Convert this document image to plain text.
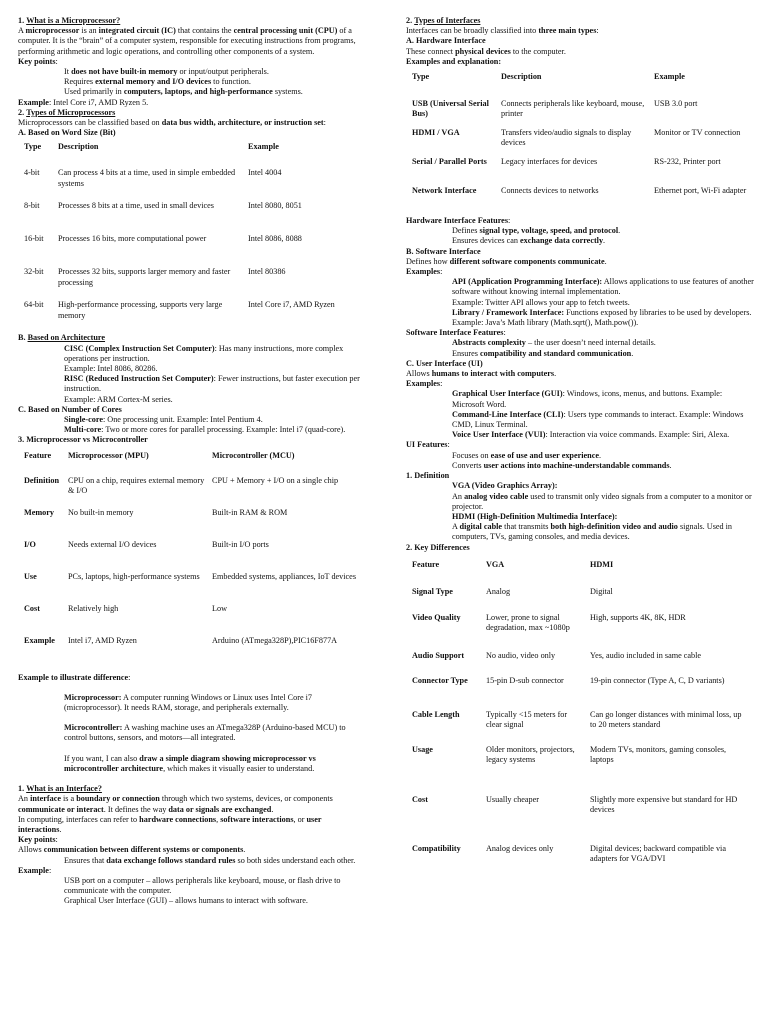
1. What is a Microprocessor?

A microprocessor is an integrated circuit (IC) that contains the central processing unit (CPU) of a computer. It is the “brain” of a computer system, responsible for executing instructions from programs, performing arithmetic and logic operations, and controlling other components of a system.

Key points:

It does not have built-in memory or input/output peripherals.

Requires external memory and I/O devices to function.

Used primarily in computers, laptops, and high-performance systems.

Example: Intel Core i7, AMD Ryzen 5.

2. Types of Microprocessors

Microprocessors can be classified based on data bus width, architecture, or instruction set:

A. Based on Word Size (Bit)

Type	Description	Example
4-bit	Can process 4 bits at a time, used in simple embedded systems	Intel 4004
8-bit	Processes 8 bits at a time, used in small devices	Intel 8080, 8051
16-bit	Processes 16 bits, more computational power	Intel 8086, 8088
32-bit	Processes 32 bits, supports larger memory and faster processing	Intel 80386
64-bit	High-performance processing, supports very large memory	Intel Core i7, AMD Ryzen

B. Based on Architecture

CISC (Complex Instruction Set Computer): Has many instructions, more complex operations per instruction.

Example: Intel 8086, 80286.

RISC (Reduced Instruction Set Computer): Fewer instructions, but faster execution per instruction.

Example: ARM Cortex-M series.

C. Based on Number of Cores

Single-core: One processing unit. Example: Intel Pentium 4.

Multi-core: Two or more cores for parallel processing. Example: Intel i7 (quad-core).

3. Microprocessor vs Microcontroller

Feature	Microprocessor (MPU)	Microcontroller (MCU)
Definition	CPU on a chip, requires external memory & I/O	CPU + Memory + I/O on a single chip
Memory	No built-in memory	Built-in RAM & ROM
I/O	Needs external I/O devices	Built-in I/O ports
Use	PCs, laptops, high-performance systems	Embedded systems, appliances, IoT devices
Cost	Relatively high	Low
Example	Intel i7, AMD Ryzen	Arduino (ATmega328P),PIC16F877A

Example to illustrate difference:

Microprocessor: A computer running Windows or Linux uses Intel Core i7 (microprocessor). It needs RAM, storage, and peripherals externally.

Microcontroller: A washing machine uses an ATmega328P (Arduino-based MCU) to control buttons, sensors, and motors—all integrated.

If you want, I can also draw a simple diagram showing microprocessor vs microcontroller architecture, which makes it visually easier to understand.

1. What is an Interface?

An interface is a boundary or connection through which two systems, devices, or components communicate or interact. It defines the way data or signals are exchanged.

In computing, interfaces can refer to hardware connections, software interactions, or user interactions.

Key points:

Allows communication between different systems or components.

Ensures that data exchange follows standard rules so both sides understand each other.

Example:

USB port on a computer – allows peripherals like keyboard, mouse, or flash drive to communicate with the computer.

Graphical User Interface (GUI) – allows humans to interact with software.

2. Types of Interfaces

Interfaces can be broadly classified into three main types:

A. Hardware Interface

These connect physical devices to the computer.

Examples and explanation:

Type	Description	Example
USB (Universal Serial Bus)	Connects peripherals like keyboard, mouse, printer	USB 3.0 port
HDMI / VGA	Transfers video/audio signals to display devices	Monitor or TV connection
Serial / Parallel Ports	Legacy interfaces for devices	RS-232, Printer port
Network Interface	Connects devices to networks	Ethernet port, Wi-Fi adapter

Hardware Interface Features:

Defines signal type, voltage, speed, and protocol.

Ensures devices can exchange data correctly.

B. Software Interface

Defines how different software components communicate.

Examples:

API (Application Programming Interface): Allows applications to use features of another software without knowing internal implementation.

Example: Twitter API allows your app to fetch tweets.

Library / Framework Interface: Functions exposed by libraries to be used by developers.

Example: Java’s Math library (Math.sqrt(), Math.pow()).

Software Interface Features:

Abstracts complexity – the user doesn’t need internal details.

Ensures compatibility and standard communication.

C. User Interface (UI)

Allows humans to interact with computers.

Examples:

Graphical User Interface (GUI): Windows, icons, menus, and buttons. Example: Microsoft Word.

Command-Line Interface (CLI): Users type commands to interact. Example: Windows CMD, Linux Terminal.

Voice User Interface (VUI): Interaction via voice commands. Example: Siri, Alexa.

UI Features:

Focuses on ease of use and user experience.

Converts user actions into machine-understandable commands.

1. Definition

VGA (Video Graphics Array):

An analog video cable used to transmit only video signals from a computer to a monitor or projector.

HDMI (High-Definition Multimedia Interface):

A digital cable that transmits both high-definition video and audio signals. Used in computers, TVs, gaming consoles, and media devices.

2. Key Differences

Feature	VGA	HDMI
Signal Type	Analog	Digital
Video Quality	Lower, prone to signal degradation, max ~1080p	High, supports 4K, 8K, HDR
Audio Support	No audio, video only	Yes, audio included in same cable
Connector Type	15-pin D-sub connector	19-pin connector (Type A, C, D variants)
Cable Length	Typically <15 meters for clear signal	Can go longer distances with minimal loss, up to 20 meters standard
Usage	Older monitors, projectors, legacy systems	Modern TVs, monitors, gaming consoles, laptops
Cost	Usually cheaper	Slightly more expensive but standard for HD devices
Compatibility	Analog devices only	Digital devices; backward compatible via adapters for VGA/DVI
